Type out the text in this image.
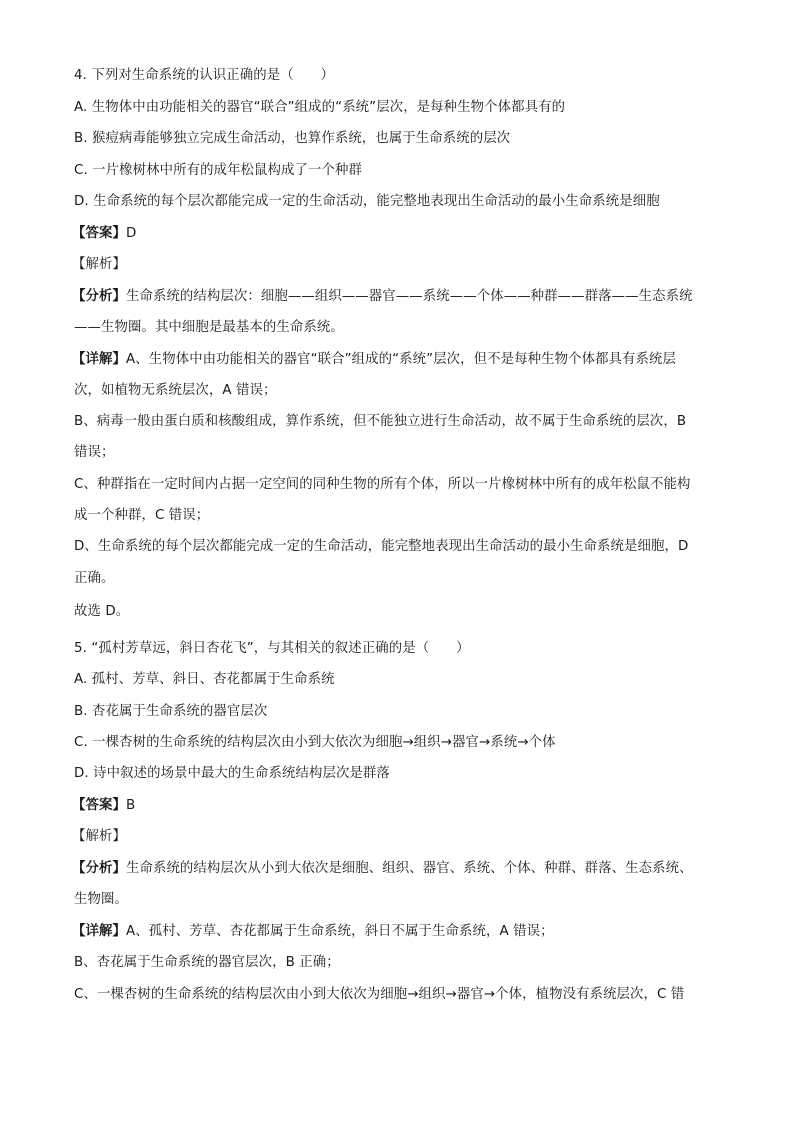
4. 下列对生命系统的认识正确的是（　　）
A. 生物体中由功能相关的器官“联合”组成的“系统”层次，是每种生物个体都具有的
B. 猴痘病毒能够独立完成生命活动，也算作系统，也属于生命系统的层次
C. 一片橡树林中所有的成年松鼠构成了一个种群
D. 生命系统的每个层次都能完成一定的生命活动，能完整地表现出生命活动的最小生命系统是细胞
【答案】D
【解析】
【分析】生命系统的结构层次：细胞——组织——器官——系统——个体——种群——群落——生态系统
——生物圈。其中细胞是最基本的生命系统。
【详解】A、生物体中由功能相关的器官“联合”组成的“系统”层次，但不是每种生物个体都具有系统层
次，如植物无系统层次，A 错误；
B、病毒一般由蛋白质和核酸组成，算作系统，但不能独立进行生命活动，故不属于生命系统的层次，B
错误；
C、种群指在一定时间内占据一定空间的同种生物的所有个体，所以一片橡树林中所有的成年松鼠不能构
成一个种群，C 错误；
D、生命系统的每个层次都能完成一定的生命活动，能完整地表现出生命活动的最小生命系统是细胞，D
正确。
故选 D。
5. “孤村芳草远，斜日杏花飞”，与其相关的叙述正确的是（　　）
A. 孤村、芳草、斜日、杏花都属于生命系统
B. 杏花属于生命系统的器官层次
C. 一棵杏树的生命系统的结构层次由小到大依次为细胞→组织→器官→系统→个体
D. 诗中叙述的场景中最大的生命系统结构层次是群落
【答案】B
【解析】
【分析】生命系统的结构层次从小到大依次是细胞、组织、器官、系统、个体、种群、群落、生态系统、
生物圈。
【详解】A、孤村、芳草、杏花都属于生命系统，斜日不属于生命系统，A 错误；
B、杏花属于生命系统的器官层次，B 正确；
C、一棵杏树的生命系统的结构层次由小到大依次为细胞→组织→器官→个体，植物没有系统层次，C 错
